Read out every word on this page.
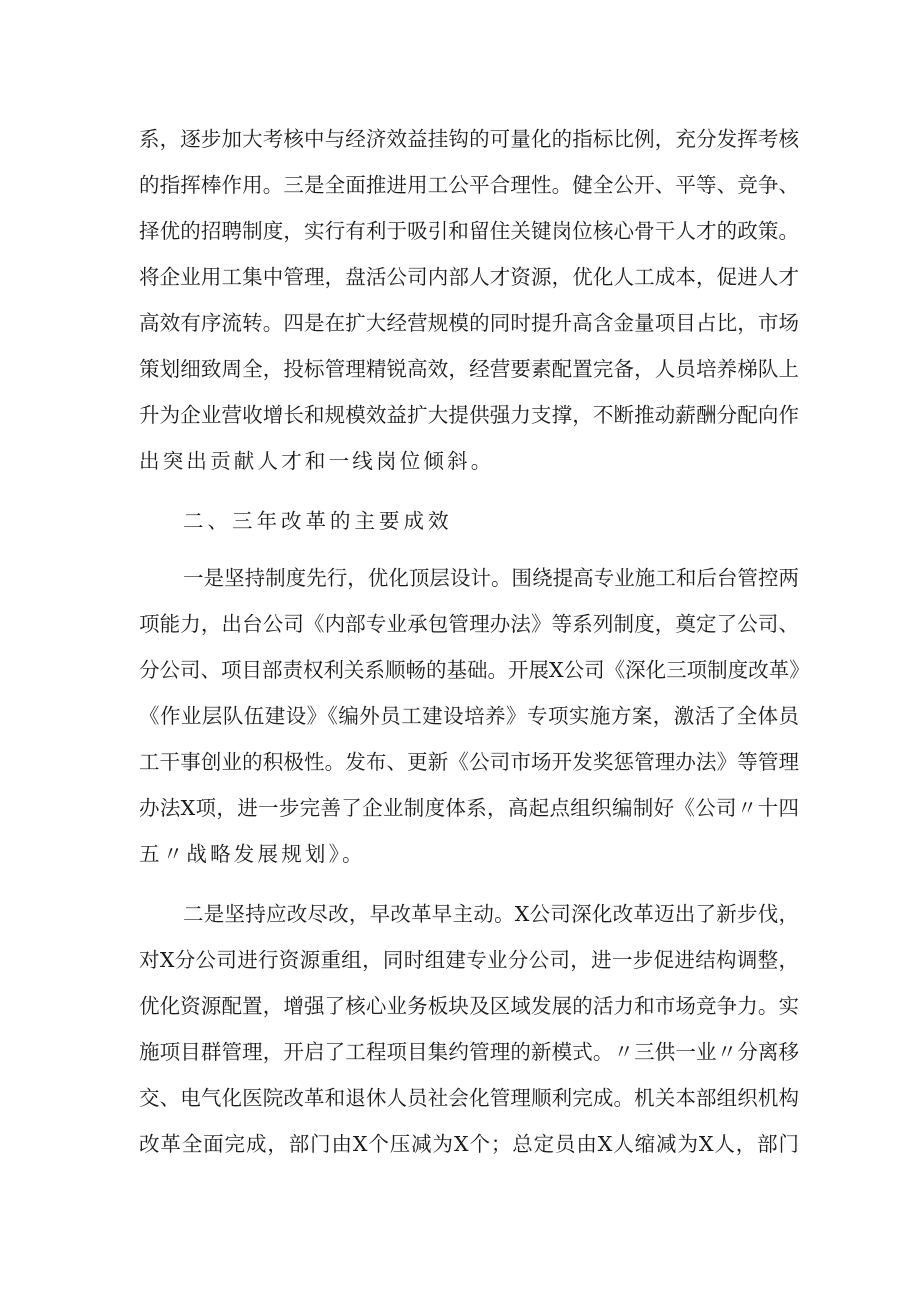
系，逐步加大考核中与经济效益挂钩的可量化的指标比例，充分发挥考核
的指挥棒作用。三是全面推进用工公平合理性。健全公开、平等、竞争、
择优的招聘制度，实行有利于吸引和留住关键岗位核心骨干人才的政策。
将企业用工集中管理，盘活公司内部人才资源，优化人工成本，促进人才
高效有序流转。四是在扩大经营规模的同时提升高含金量项目占比，市场
策划细致周全，投标管理精锐高效，经营要素配置完备，人员培养梯队上
升为企业营收增长和规模效益扩大提供强力支撑，不断推动薪酬分配向作
出突出贡献人才和一线岗位倾斜。
二、三年改革的主要成效
一是坚持制度先行，优化顶层设计。围绕提高专业施工和后台管控两
项能力，出台公司《内部专业承包管理办法》等系列制度，奠定了公司、
分公司、项目部责权利关系顺畅的基础。开展X公司《深化三项制度改革》
《作业层队伍建设》《编外员工建设培养》专项实施方案，激活了全体员
工干事创业的积极性。发布、更新《公司市场开发奖惩管理办法》等管理
办法X项，进一步完善了企业制度体系，高起点组织编制好《公司〃十四
五〃战略发展规划》。
二是坚持应改尽改，早改革早主动。X公司深化改革迈出了新步伐，
对X分公司进行资源重组，同时组建专业分公司，进一步促进结构调整，
优化资源配置，增强了核心业务板块及区域发展的活力和市场竞争力。实
施项目群管理，开启了工程项目集约管理的新模式。〃三供一业〃分离移
交、电气化医院改革和退休人员社会化管理顺利完成。机关本部组织机构
改革全面完成，部门由X个压减为X个；总定员由X人缩减为X人，部门
